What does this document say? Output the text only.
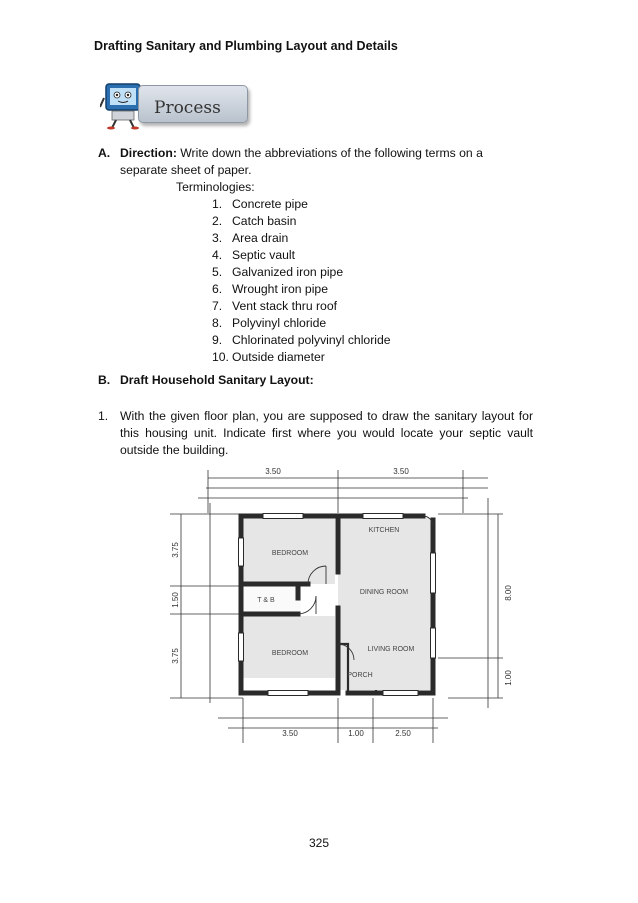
Drafting Sanitary and Plumbing Layout and Details
Process
A. Direction: Write down the abbreviations of the following terms on a
separate sheet of paper.
Terminologies:
1. Concrete pipe
2. Catch basin
3. Area drain
4. Septic vault
5. Galvanized iron pipe
6. Wrought iron pipe
7. Vent stack thru roof
8. Polyvinyl chloride
9. Chlorinated polyvinyl chloride
10. Outside diameter
B. Draft Household Sanitary Layout:
1. With the given floor plan, you are supposed to draw the sanitary layout for this housing unit. Indicate first where you would locate your septic vault outside the building.
BEDROOM
BEDROOM
T & B
KITCHEN
DINING ROOM
LIVING ROOM
PORCH
3.50	3.50
3.50	1.00	2.50
3.75
1.50
3.75
8.00
1.00
325
